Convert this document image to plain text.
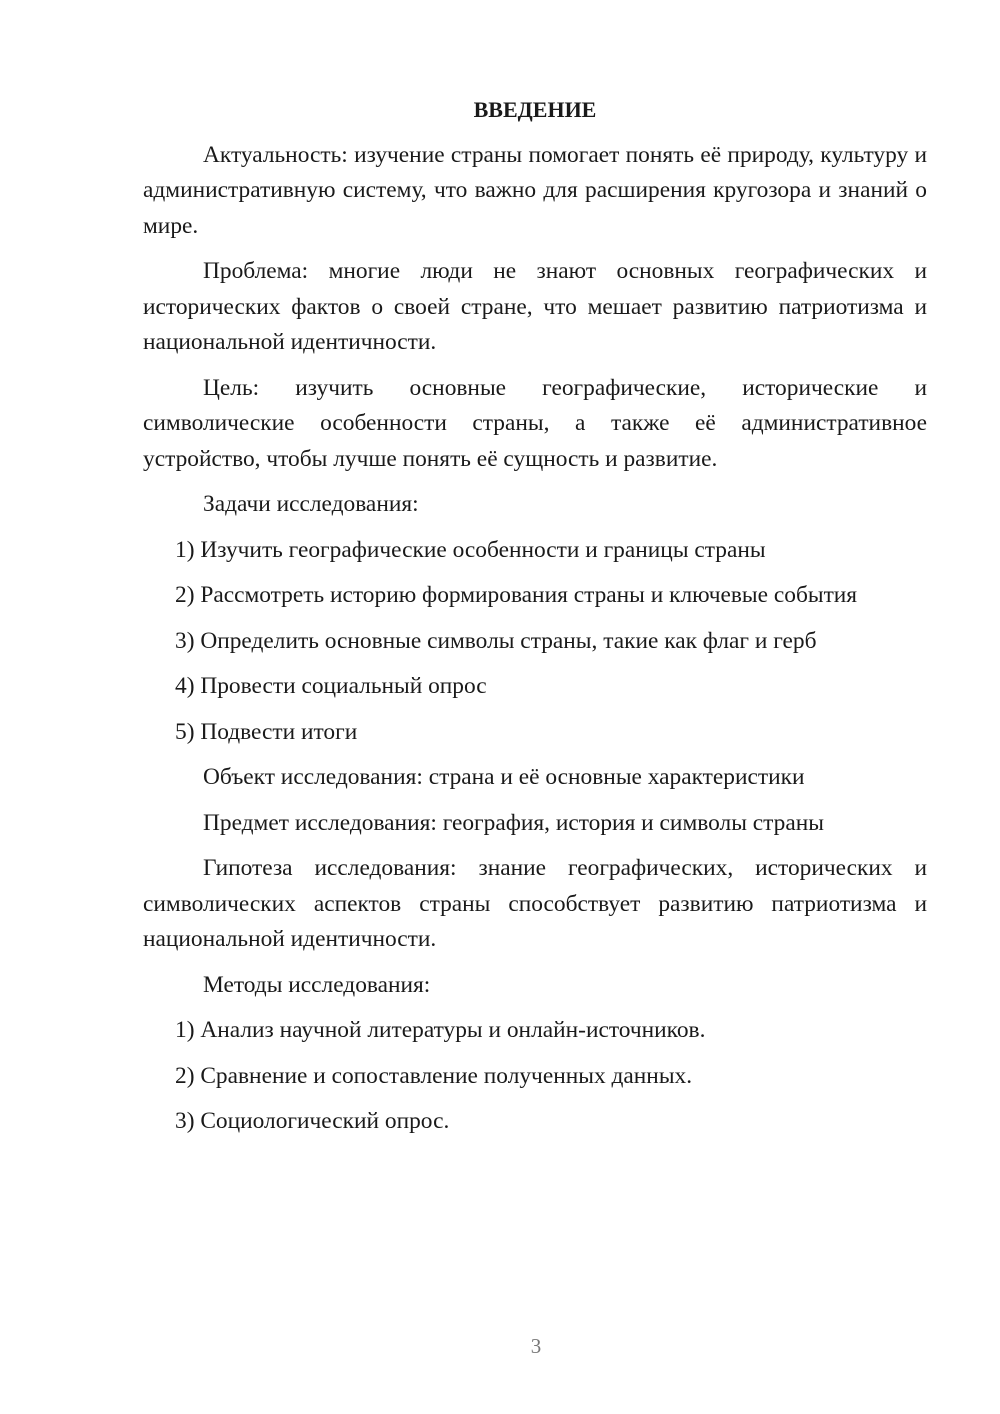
ВВЕДЕНИЕ

Актуальность: изучение страны помогает понять её природу, культуру и административную систему, что важно для расширения кругозора и знаний о мире.

Проблема: многие люди не знают основных географических и исторических фактов о своей стране, что мешает развитию патриотизма и национальной идентичности.

Цель: изучить основные географические, исторические и символические особенности страны, а также её административное устройство, чтобы лучше понять её сущность и развитие.

Задачи исследования:
1) Изучить географические особенности и границы страны
2) Рассмотреть историю формирования страны и ключевые события
3) Определить основные символы страны, такие как флаг и герб
4) Провести социальный опрос
5) Подвести итоги
Объект исследования: страна и её основные характеристики
Предмет исследования: география, история и символы страны

Гипотеза исследования: знание географических, исторических и символических аспектов страны способствует развитию патриотизма и национальной идентичности.

Методы исследования:
1) Анализ научной литературы и онлайн-источников.
2) Сравнение и сопоставление полученных данных.
3) Социологический опрос.
3
